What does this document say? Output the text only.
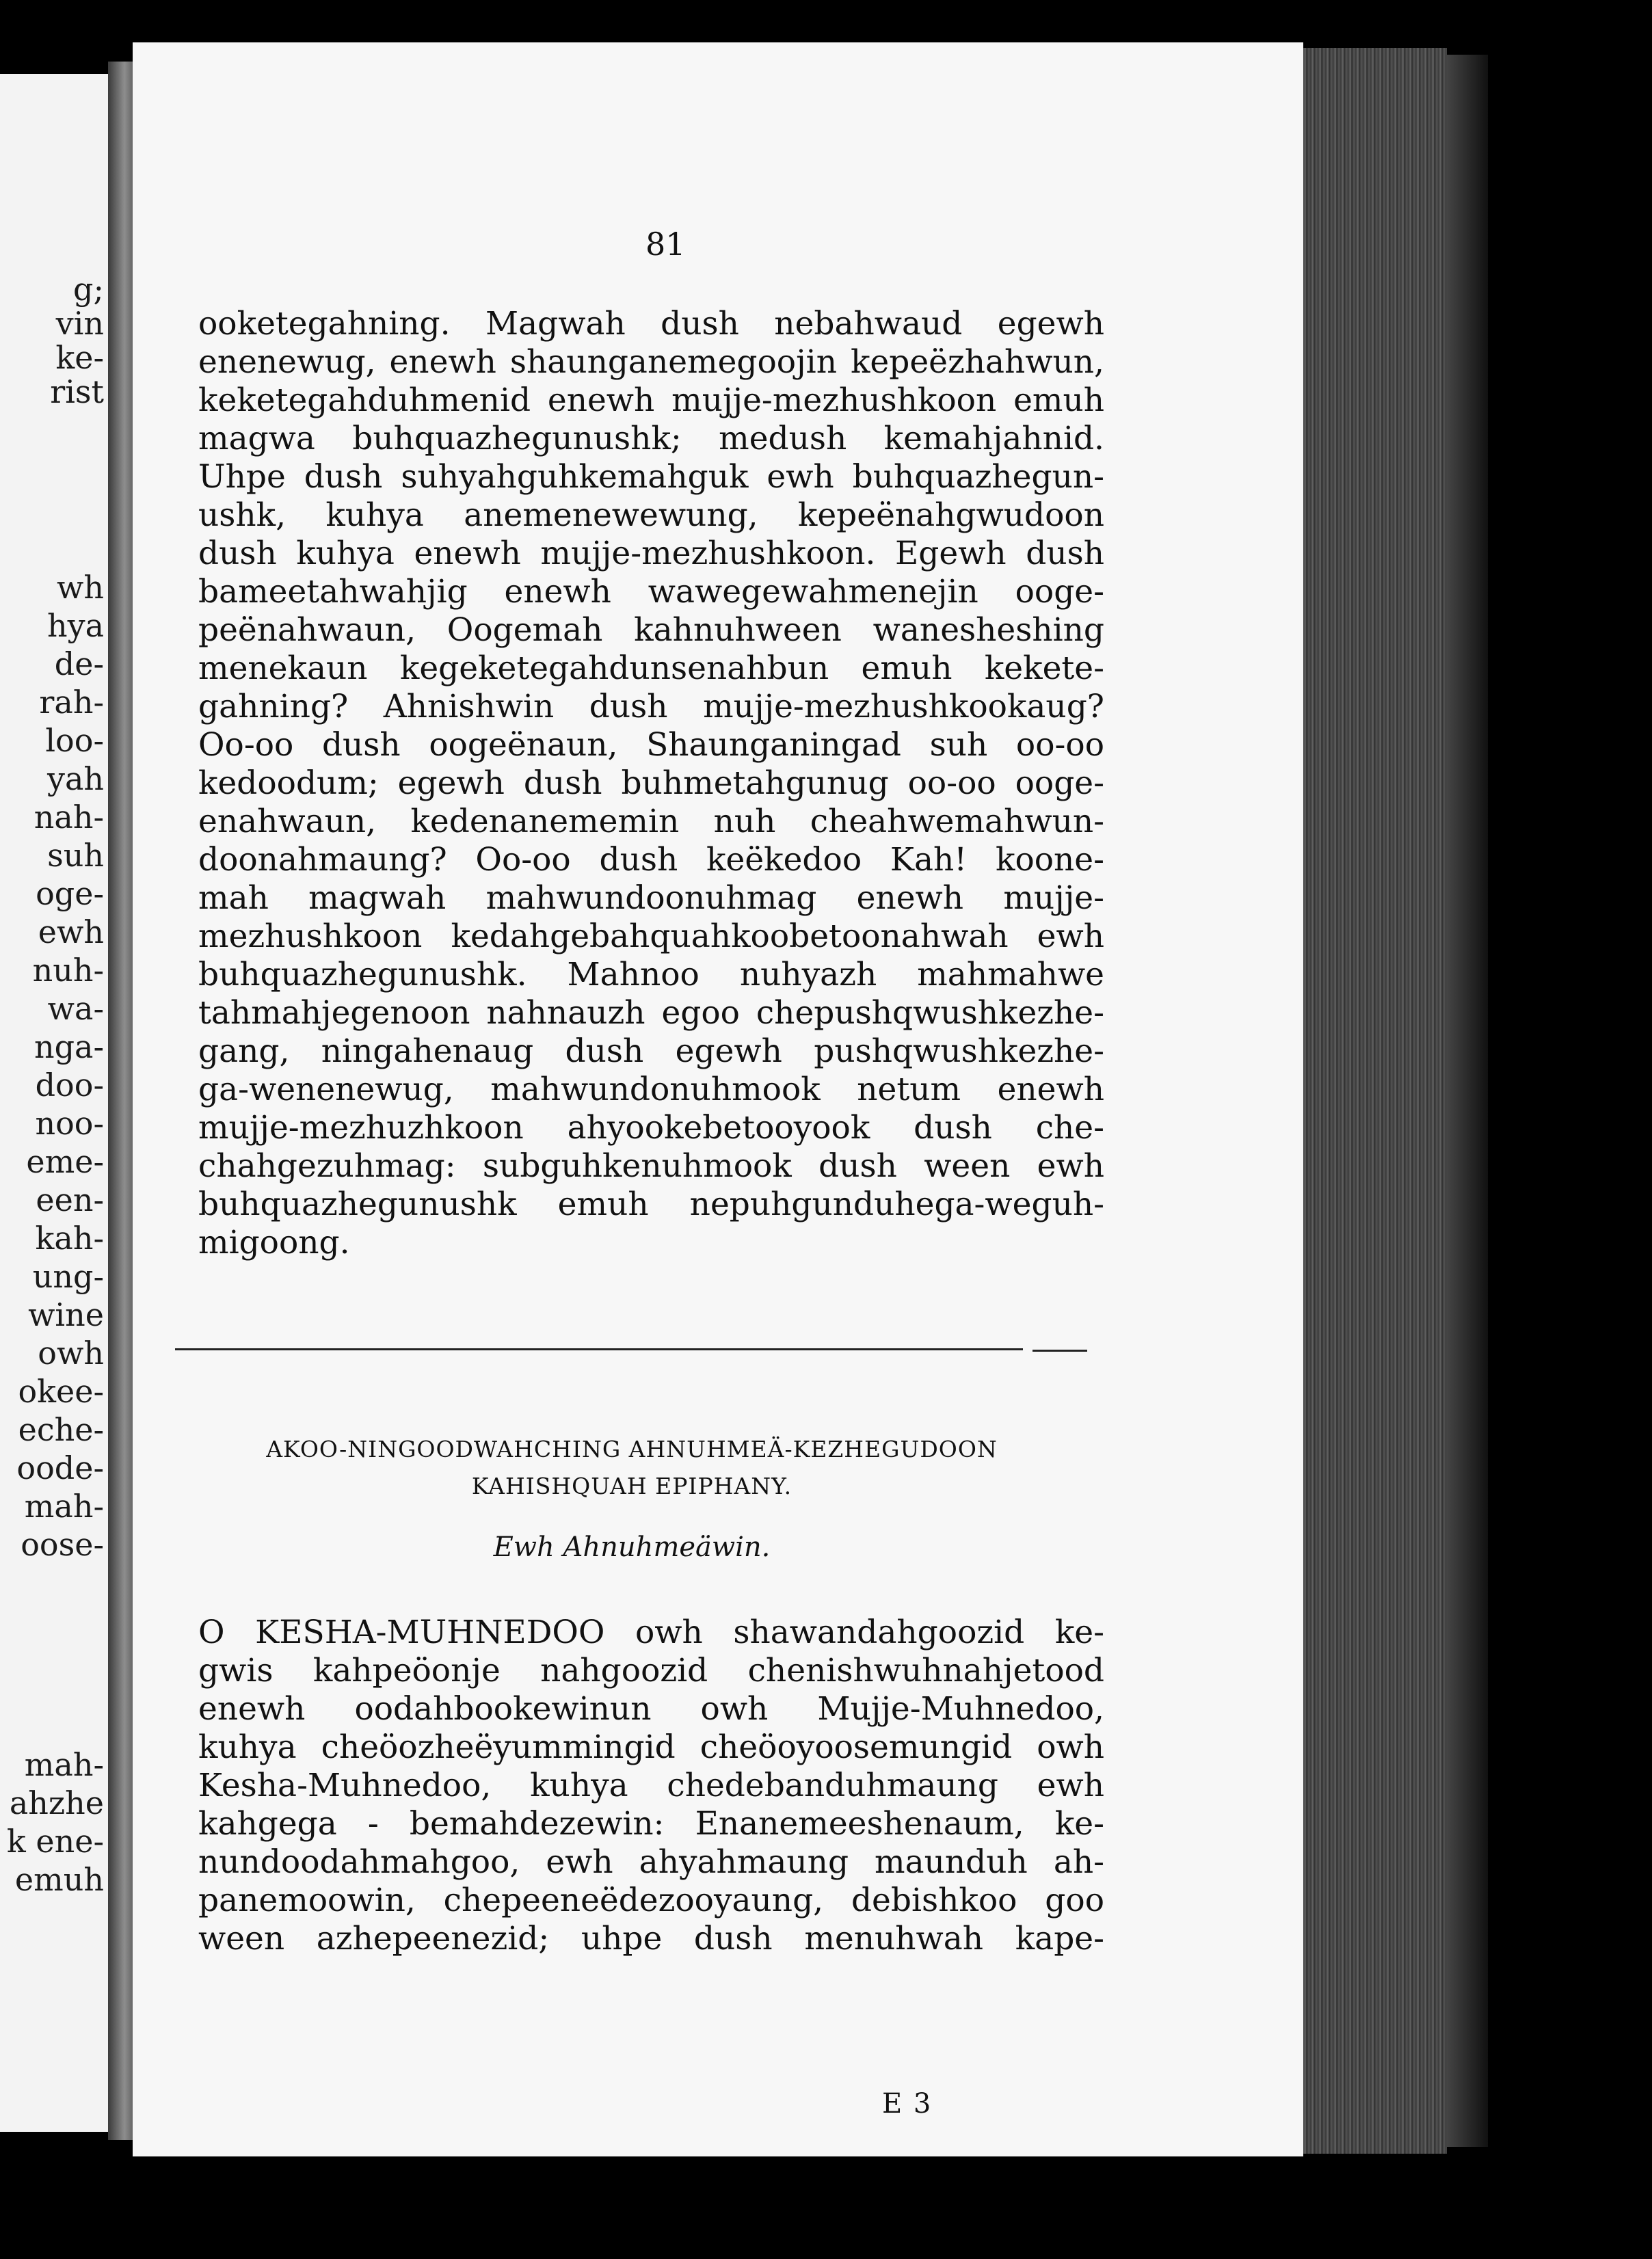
g;
vin
ke-
rist
wh
hya
de-
rah-
loo-
yah
nah-
suh
oge-
ewh
nuh-
wa-
nga-
doo-
noo-
eme-
een-
kah-
ung-
wine
owh
okee-
eche-
oode-
mah-
oose-
mah-
ahzhe
k ene-
emuh
81
ooketegahning. Magwah dush nebahwaud egewh
enenewug, enewh shaunganemegoojin kepeëzhahwun,
keketegahduhmenid enewh mujje-mezhushkoon emuh
magwa buhquazhegunushk; medush kemahjahnid.
Uhpe dush suhyahguhkemahguk ewh buhquazhegun-
ushk, kuhya anemenewewung, kepeënahgwudoon
dush kuhya enewh mujje-mezhushkoon. Egewh dush
bameetahwahjig enewh wawegewahmenejin ooge-
peënahwaun, Oogemah kahnuhween wanesheshing
menekaun kegeketegahdunsenahbun emuh kekete-
gahning? Ahnishwin dush mujje-mezhushkookaug?
Oo-oo dush oogeënaun, Shaunganingad suh oo-oo
kedoodum; egewh dush buhmetahgunug oo-oo ooge-
enahwaun, kedenanememin nuh cheahwemahwun-
doonahmaung? Oo-oo dush keëkedoo Kah! koone-
mah magwah mahwundoonuhmag enewh mujje-
mezhushkoon kedahgebahquahkoobetoonahwah ewh
buhquazhegunushk. Mahnoo nuhyazh mahmahwe
tahmahjegenoon nahnauzh egoo chepushqwushkezhe-
gang, ningahenaug dush egewh pushqwushkezhe-
ga-wenenewug, mahwundonuhmook netum enewh
mujje-mezhuzhkoon ahyookebetooyook dush che-
chahgezuhmag: subguhkenuhmook dush ween ewh
buhquazhegunushk emuh nepuhgunduhega-weguh-
migoong.
AKOO-NINGOODWAHCHING AHNUHMEÄ-KEZHEGUDOON
KAHISHQUAH EPIPHANY.
Ewh Ahnuhmeäwin.
O KESHA-MUHNEDOO owh shawandahgoozid ke-
gwis kahpeöonje nahgoozid chenishwuhnahjetood
enewh oodahbookewinun owh Mujje-Muhnedoo,
kuhya cheöozheëyummingid cheöoyoosemungid owh
Kesha-Muhnedoo, kuhya chedebanduhmaung ewh
kahgega - bemahdezewin: Enanemeeshenaum, ke-
nundoodahmahgoo, ewh ahyahmaung maunduh ah-
panemoowin, chepeeneëdezooyaung, debishkoo goo
ween azhepeenezid; uhpe dush menuhwah kape-
E 3
